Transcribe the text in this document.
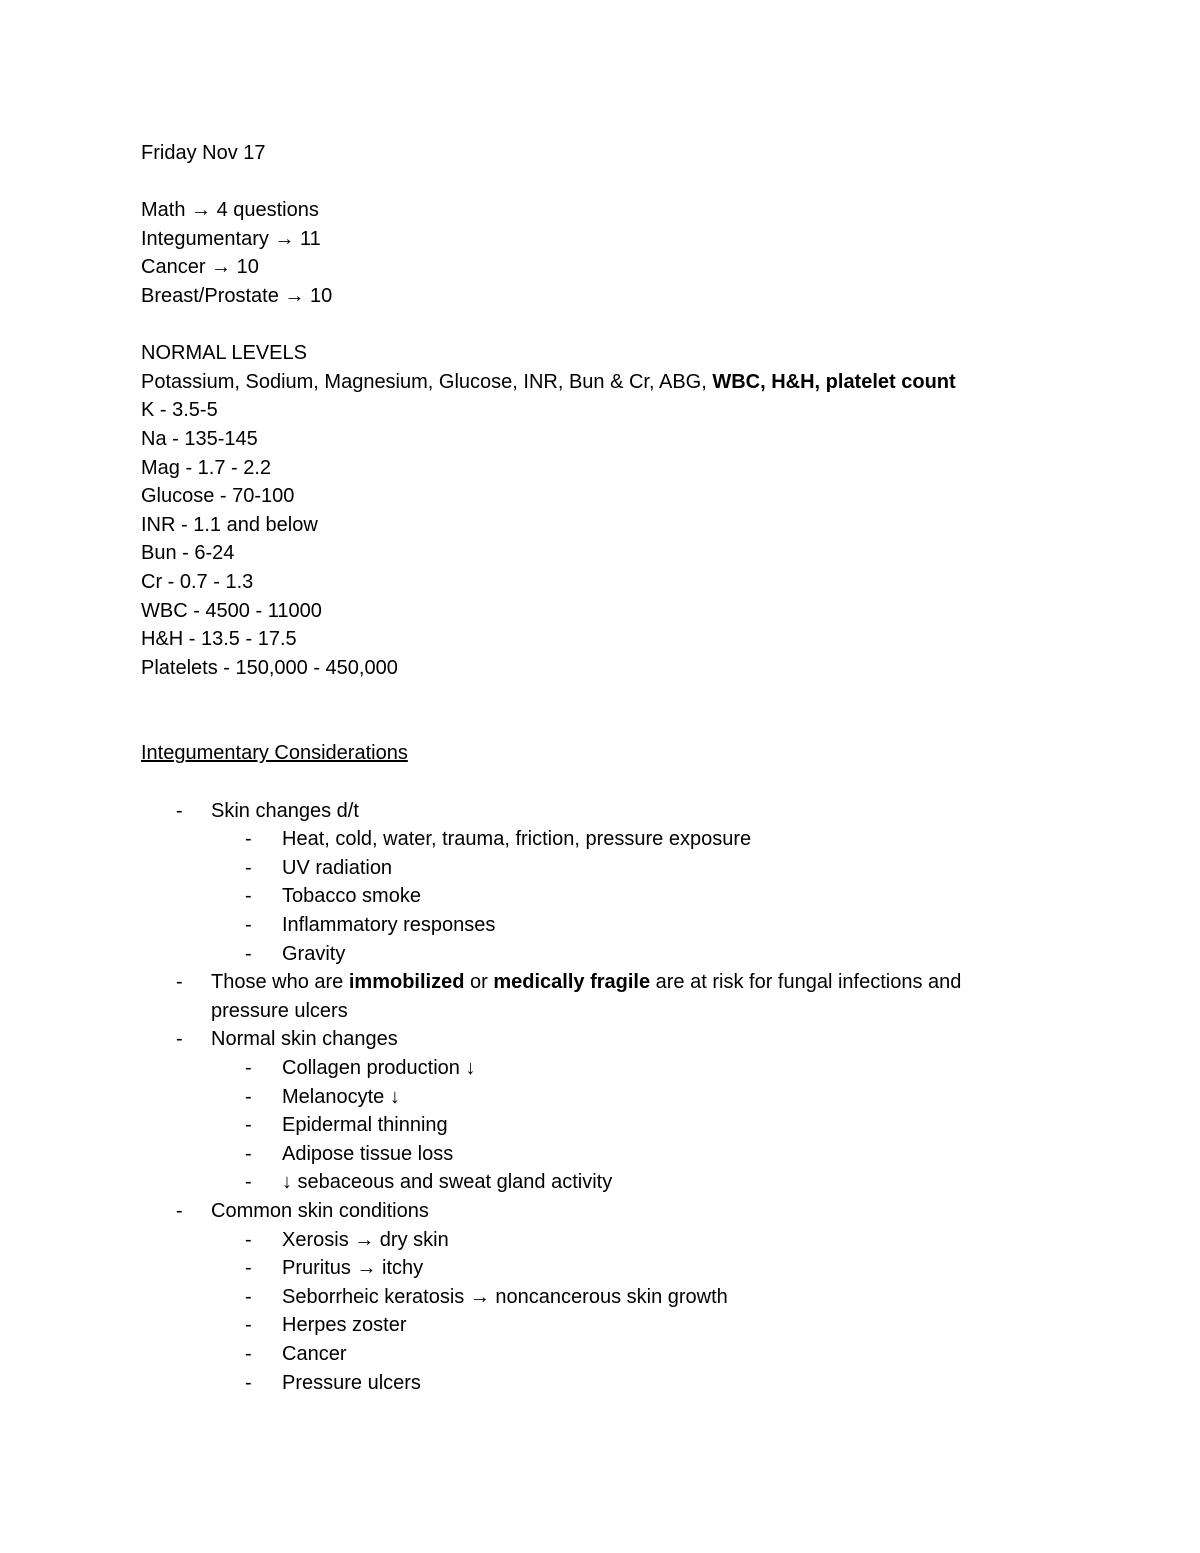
Friday Nov 17
Math → 4 questions
Integumentary → 11
Cancer → 10
Breast/Prostate → 10
NORMAL LEVELS
Potassium, Sodium, Magnesium, Glucose, INR, Bun & Cr, ABG, WBC, H&H, platelet count
K - 3.5-5
Na - 135-145
Mag - 1.7 - 2.2
Glucose - 70-100
INR - 1.1 and below
Bun - 6-24
Cr - 0.7 - 1.3
WBC - 4500 - 11000
H&H - 13.5 - 17.5
Platelets - 150,000 - 450,000
Integumentary Considerations
-	Skin changes d/t
-	Heat, cold, water, trauma, friction, pressure exposure
-	UV radiation
-	Tobacco smoke
-	Inflammatory responses
-	Gravity
-	Those who are immobilized or medically fragile are at risk for fungal infections and pressure ulcers
-	Normal skin changes
-	Collagen production ↓
-	Melanocyte ↓
-	Epidermal thinning
-	Adipose tissue loss
-	↓ sebaceous and sweat gland activity
-	Common skin conditions
-	Xerosis → dry skin
-	Pruritus → itchy
-	Seborrheic keratosis → noncancerous skin growth
-	Herpes zoster
-	Cancer
-	Pressure ulcers
